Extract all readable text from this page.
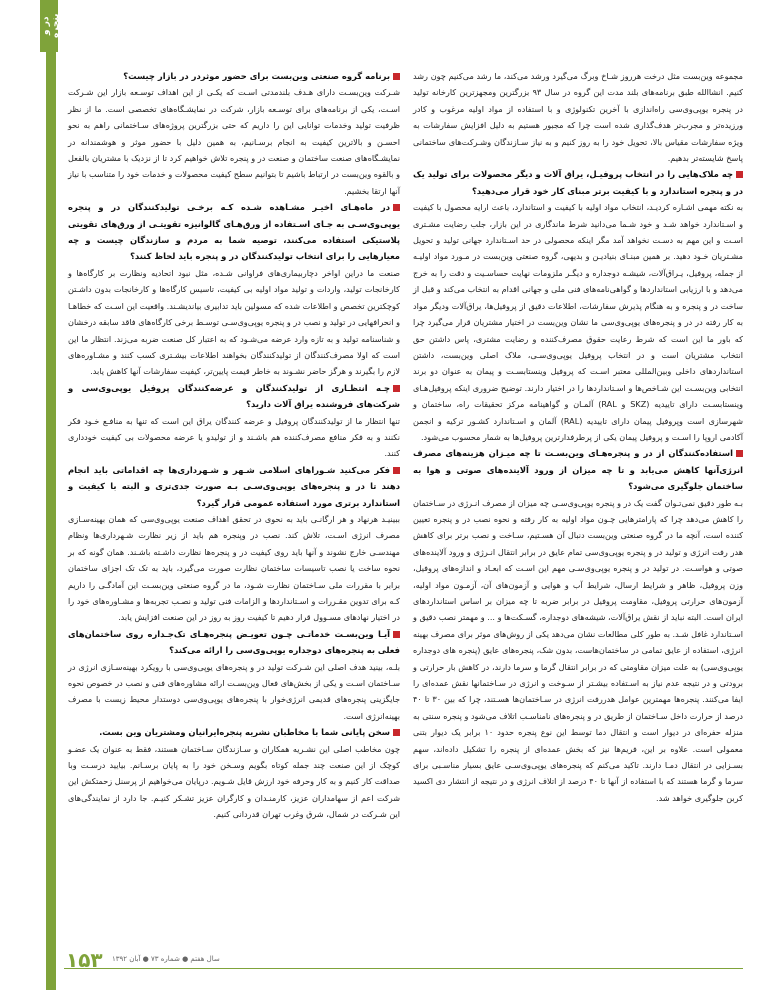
در و پنجره
مجموعه وین‌بست مثل درخت هرروز شـاخ وبرگ می‌گیرد ورشد می‌کند، ما رشد می‌کنیم چون رشد کنیم. انشاالله طبق برنامه‌های بلند مدت این گروه در سال ۹۳ بزرگترین ومجهزترین کارخانه تولید در پنجره یوپی‌وی‌سی راه‌اندازی با آخرین تکنولوژی و با استفاده از مواد اولیه مرغوب و کادر ورزیده‌تر و مجرب‌تر هدف‌گذاری شده است چرا که مجبور هستیم به دلیل افزایش سفارشات به ویژه سفارشات مقیاس بالا، تحویل خود را به روز کنیم و به نیاز سـازندگان وشـرکت‌های ساختمانی پاسخ شایسته‌تر بدهیم.
چه ملاک‌هایی را در انتخاب پروفیـل، یراق آلات و دیگر محصولات برای تولید یک در و پنجره استاندارد و با کیفیت برتر مبنای کار خود قرار می‌دهید؟
به نکته مهمی اشـاره کردیـد، انتخاب مواد اولیه با کیفیت و استاندارد، باعث ارایه محصول با کیفیت و اسـتاندارد خواهد شـد و خود شـما می‌دانید شرط ماندگاری در این بازار، جلب رضایت مشـتری اسـت و این مهم به دسـت نخواهد آمد مگر اینکه محصولی در حد اسـتاندارد جهانی تولید و تحویل مشـتریان خـود دهید. بر همین مبنـای بنیادیـن و بدیهی، گروه صنعتی وین‌بست در مـورد مواد اولیـه از جمله، پروفیل، یـراق‌آلات، شیشـه دوجداره و دیگـر ملزومات نهایت حساسـیت و دقت را به خرج می‌دهد و با ارزیابی استانداردها و گواهی‌نامه‌های فنی ملی و جهانی اقدام به انتخاب می‌کند و قبل از ساخت در و پنجره و به هنگام پذیرش سفارشات، اطلاعات دقیق از پروفیل‌ها، یراق‌آلات ودیگر مواد به کار رفته در در و پنجره‌های یوپی‌وی‌سی ما نشان وین‌بست در اختیار مشتریان قرار می‌گیرد چرا که باور ما این است که شرط رعایت حقوق مصرف‌کننده و رضایت مشتری، پاس داشتن حق انتخاب مشتریان است و در انتخاب پروفیل یوپی‌وی‌سـی، ملاک اصلی وین‌بست، داشتن استانداردهای داخلی وبین‌المللی معتبر اسـت که پروفیل وینستابسـت و پیمان به عنوان دو برند انتخابی وین‌بسـت این شـاخص‌ها و اسـتانداردها را در اختیار دارند. توضیح ضروری اینکه پروفیل‌هـای وینستابسـت دارای تاییدیه (SKZ و RAL) آلمـان و گواهینامه مرکز تحقیقات راه، ساختمان و شهرسازی است وپروفیل پیمان دارای تاییدیه (RAL) آلمان و اسـتاندارد کشـور ترکیه و انجمن آکادمی اروپا را اسـت و پروفیل پیمان یکی از پرطرفدارترین پروفیل‌ها به شمار محسوب می‌شود.
استفاده‌کنندگان از در و پنجره‌هـای وین‌بسـت تا چه میـزان هزینه‌های مصرف انرژی‌آنها کاهش می‌یابد و تا چه میزان از ورود آلاینده‌های صوتی و هوا به ساختمان جلوگیری می‌شود؟
بـه طور دقیق نمی‌تـوان گفت یک در و پنجره یوپی‌وی‌سـی چه میزان از مصرف انـرژی در سـاختمان را کاهش می‌دهد چرا که پارامترهایی چـون مواد اولیه به کار رفته و نحوه نصب در و پنجره تعیین کننده است، آنچه ما در گروه صنعتی وین‌بست دنبال آن هسـتیم، سـاخت و نصب برتر برای کاهش هدر رفت انرژی و تولید در و پنجره یوپی‌وی‌سی تمام عایق در برابر انتقال انـرژی و ورود آلاینده‌های صوتی و هواسـت. در تولید در و پنجره یوپی‌وی‌سـی مهم این اسـت که ابعـاد و اندازه‌های پروفیل، وزن پروفیل، ظاهر و شرایط ارسال، شرایط آب و هوایی و آزمون‌های آن، آزمـون مواد اولیه، آزمون‌های حرارتی پروفیل، مقاومت پروفیل در برابر ضربه تا چه میزان بر اساس استانداردهای ایران است. البته نباید از نقش یراق‌آلات، شیشه‌های دوجداره، گسـکت‌ها و ... و مهمتر نصب دقیق و اسـتاندارد غافل شـد. به طور کلی مطالعات نشان می‌دهد یکی از روش‌های موثر برای مصرف بهینه انرژی، استفاده از عایق تمامی در ساختمان‌هاست، بدون شک، پنجره‌های عایق (پنجره های دوجداره یوپی‌وی‌سی) به علت میزان مقاومتی که در برابر انتقال گرما و سرما دارند، در کاهش بار حرارتی و برودتی و در نتیجه عدم نیاز به اسـتفاده بیشـتر از سـوخت و انرژی در سـاختمانها نقش عمده‌ای را ایفا می‌کنند. پنجره‌ها مهمترین عوامل هدررفت انرژی در سـاختمان‌ها هسـتند، چرا که بین ۳۰ تا ۴۰ درصد از حرارت داخل سـاختمان از طریق در و پنجره‌های نامناسـب اتلاف می‌شود و پنجره سنتی به منزله حفره‌ای در دیوار است و انتقال دما توسط این نوع پنجره حدود ۱۰ برابر یک دیوار بتنی معمولی است. علاوه بر این، فریم‌ها نیز که بخش عمده‌ای از پنجره را تشکیل داده‌اند، سهم بسـزایی در انتقال دمـا دارند. تاکید می‌کنم که پنجره‌های یوپی‌وی‌سـی عایق بسیار مناسـبی برای سرما و گرما هستند که با استفاده از آنها تا ۴۰ درصد از اتلاف انرژی و در نتیجه از انتشار دی اکسید کربن جلوگیری خواهد شد.
برنامه گروه صنعتی وین‌بست برای حضور موثردر در بازار چیست؟
شـرکت وین‌بسـت دارای هـدف بلندمدتی اسـت که یکـی از این اهداف توسـعه بازار این شـرکت اسـت، یکی از برنامه‌های برای توسـعه بازار، شرکت در نمایشـگاه‌های تخصصی است. ما از نظر ظرفیت تولید وخدمات توانایی این را داریم که حتی بزرگترین پروژه‌های سـاختمانی راهم به نحو احسـن و بالاترین کیفیت به انجام برسـانیم، به همین دلیل با حضور موثر و هوشمندانه در نمایشـگاه‌های صنعت ساختمان و صنعت در و پنجره تلاش خواهیم کرد تا از نزدیک با مشتریان بالفعل و بالقوه وین‌بست در ارتباط باشیم تا بتوانیم سطح کیفیت محصولات و خدمات خود را متناسب با نیاز آنها ارتقا بخشیم.
در ماه‌هـای اخیـر مشـاهده شـده کـه برخـی تولیدکنندگان در و پنجره یوپی‌وی‌سـی به جـای اسـتفاده از ورق‌هـای گالوانیزه تقویتـی از ورق‌های تقویتی پلاستیکی استفاده می‌کنند، توصیه شما به مردم و سازندگان چیست و چه معیارهایی را برای انتخاب تولیدکنندگان در و پنجره باید لحاظ کنند؟
صنعت ما دراین اواخر دچاربیماری‌های فراوانی شـده، مثل نبود اتحادیه ونظارت بر کارگاه‌ها و کارخانجات تولید، واردات و تولید مواد اولیه بی کیفیت، تاسیس کارگاه‌ها و کارخانجات بدون داشـتن کوچکترین تخصص و اطلاعات شده که مسولین باید تدابیری بیاندیشـند. واقعیت این اسـت که خطاهـا و انحرافهایی در تولید و نصب در و پنجره یوپی‌وی‌سـی توسـط برخی کارگاه‌های فاقد سابقه درخشان و شناسنامه تولید و به تازه وارد عرضه می‌شـود که به اعتبار کل صنعت ضربه می‌زند. انتظار ما این است که اولا مصرف‌کنندگان از تولیدکنندگان بخواهند اطلاعات بیشـتری کسب کنند و مشـاوره‌های لازم را بگیرند و هرگز حاضر نشـوند به خاطر قیمت پایین‌تر، کیفیت سفارشات آنها کاهش یابد.
چـه انتظـاری از تولیدکنندگان و عرضه‌کنندگان پروفیل یوپی‌وی‌سی و شرکت‌های فروشنده یراق آلات دارید؟
تنها انتظار ما از تولیدکنندگان پروفیل و عرضه کنندگان یراق این است که تنها به منافـع خـود فکر نکنند و به فکر منافع مصرف‌کننده هم باشـند و از تولیدو یا عرضه محصولات بی کیفیت خودداری کنند.
فکر می‌کنید شـوراهای اسلامی شـهر و شـهرداری‌ها چه اقداماتی باید انجام دهند تا در و پنجره‌های یوپی‌وی‌سـی بـه صورت جدی‌تری و البته با کیفیت و استاندارد برتری مورد استفاده عمومی قرار گیرد؟
ببینیـد هرنهاد و هر ارگانـی باید به نحوی در تحقق اهداف صنعت یوپی‌وی‌سی که همان بهینه‌سـازی مصرف انرژی اسـت، تلاش کند. نصب در وپنجره هم باید از زیر نظارت شـهرداری‌ها ونظام مهندسـی خارج نشوند و آنها باید روی کیفیت در و پنجره‌ها نظارت داشـته باشـند. همان گونه که بر نحوه ساخت یا نصب تاسیسات ساختمان نظارت صورت می‌گیرد، باید به تک تک اجزای ساختمان برابر با مقررات ملی سـاختمان نظارت شـود، ما در گروه صنعتی وین‌بسـت این آمادگـی را داریم کـه برای تدوین مقـررات و اسـتانداردها و الزامات فنی تولید و نصـب تجربه‌ها و مشـاوره‌های خود را در اختیار نهادهای مسـوول قرار دهیم تا کیفیت روز به روز در این صنعت افزایش یابد.
آیـا وین‌بسـت خدماتـی چـون تعویـض پنجره‌هـای تک‌جـداره روی ساختمان‌های فعلی به پنجره‌های دوجداره یوپی‌وی‌سی را ارائه می‌کند؟
بلـه، بینید هدف اصلی این شـرکت تولید در و پنجره‌های یوپی‌وی‌سی با رویکرد بهینه‌سـازی انرژی در سـاختمان اسـت و یکی از بخش‌های فعال وین‌بسـت ارائه مشاوره‌های فنی و نصب در خصوص نحوه جایگزینی پنجره‌های قدیمی انرژی‌خوار با پنجره‌های یوپی‌وی‌سی دوستدار محیط زیست با مصرف بهینه‌انرژی است.
سخن پایانی شما با مخاطبان نشریه پنجره‌ایرانیان ومشتریان وین بست.
چون مخاطب اصلی این نشـریه همکاران و سـازندگان سـاختمان هستند، فقط به عنوان یک عضـو کوچک از این صنعت چند جمله کوتاه بگویم وسـخن خود را به پایان برسـانم. بیایید درسـت وبا صداقت کار کنیم و به کار وحرفه خود ارزش قایل شـویم. درپایان می‌خواهیم از پرسنل زحمتکش این شرکت اعم از سهامداران عزیز، کارمنـدان و کارگران عزیز تشـکر کنیـم. جا دارد از نمایندگی‌های این شـرکت در شمال، شرق وغرب تهران قدردانی کنیم.
۱۵۳ سال هفتم ● شماره ۷۳ ● آبان ۱۳۹۲
